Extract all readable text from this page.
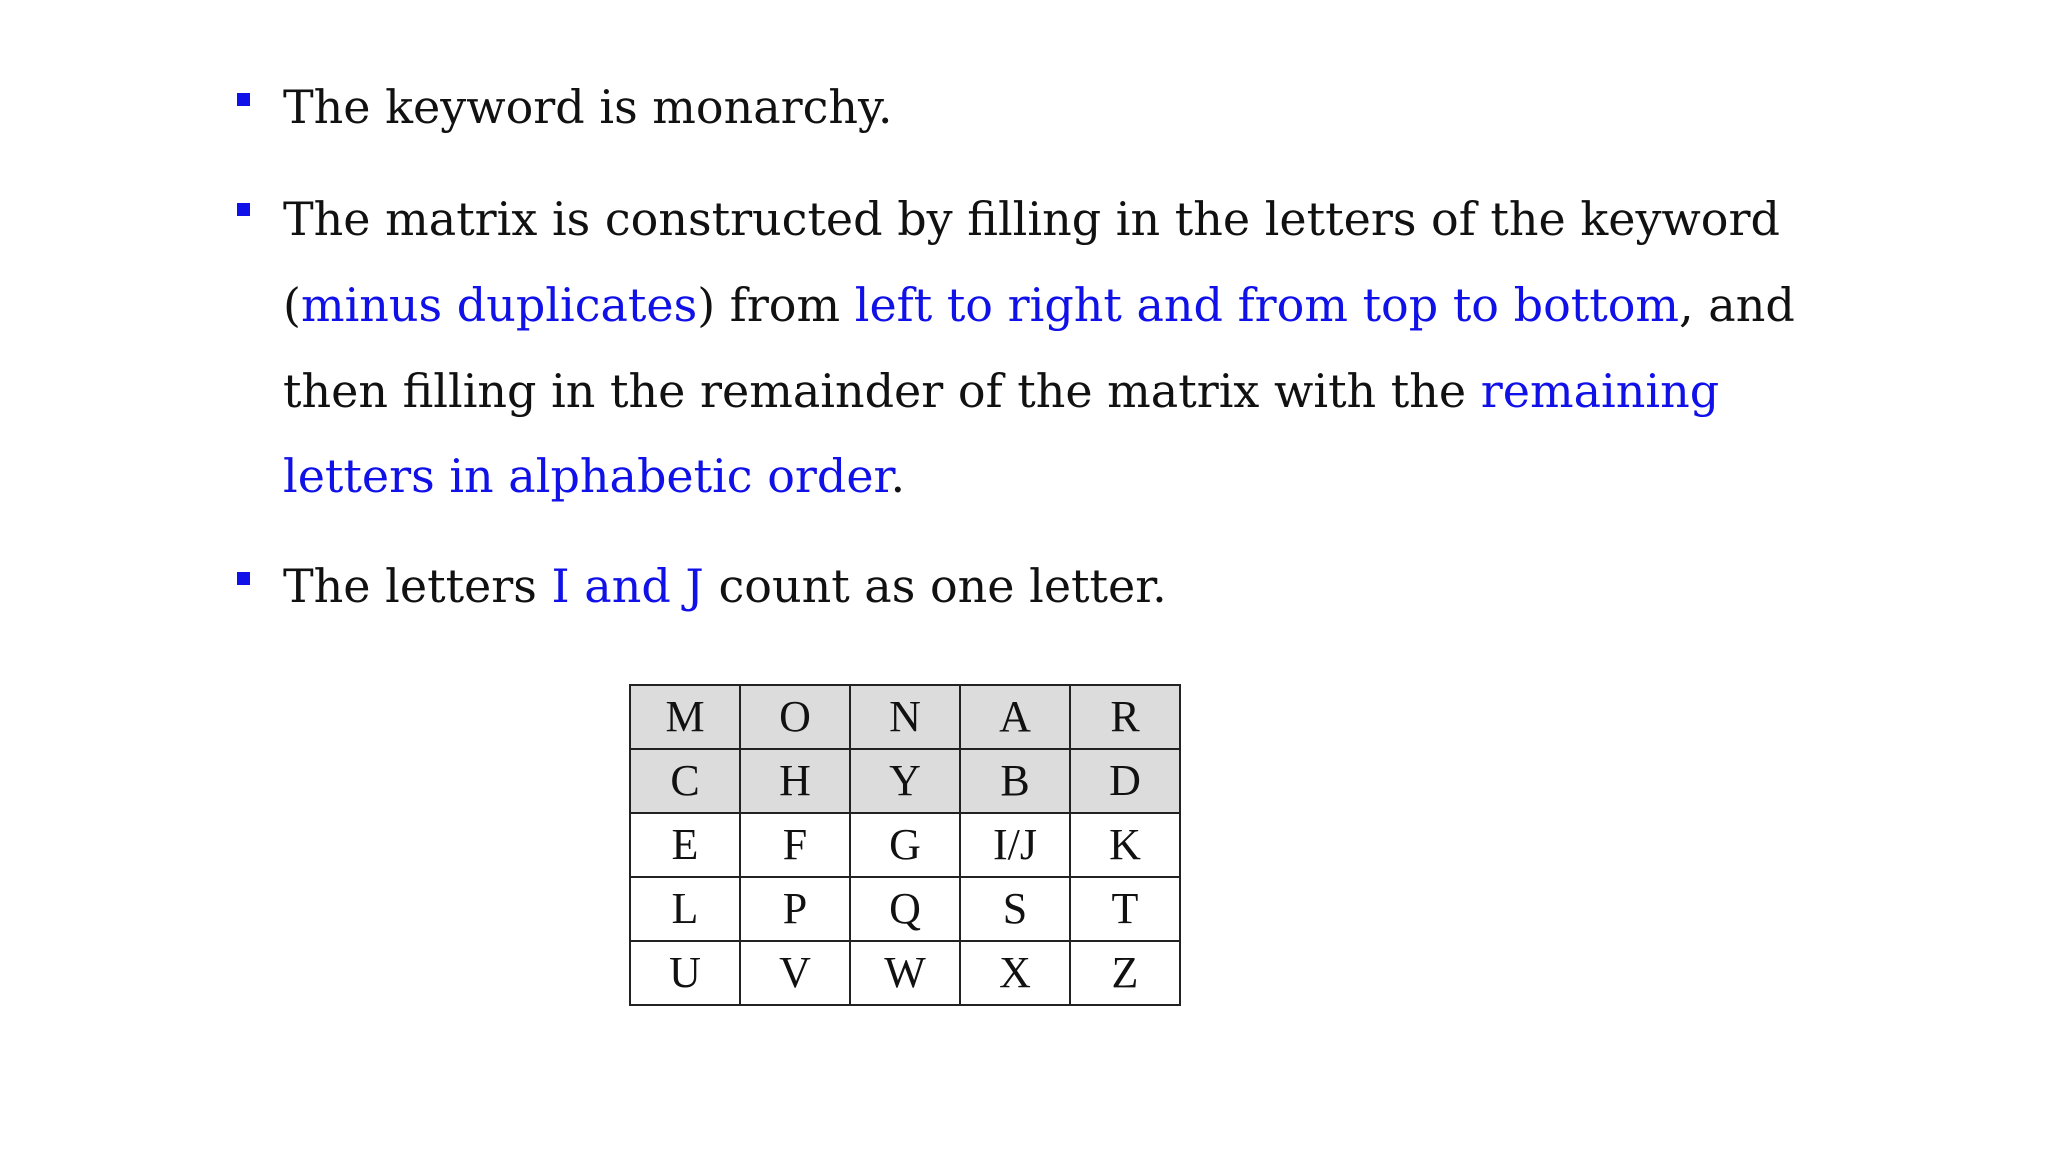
The keyword is monarchy.
The matrix is constructed by filling in the letters of the keyword
(minus duplicates) from left to right and from top to bottom, and
then filling in the remainder of the matrix with the remaining
letters in alphabetic order.
The letters I and J count as one letter.
M	O	N	A	R
C	H	Y	B	D
E	F	G	I/J	K
L	P	Q	S	T
U	V	W	X	Z
